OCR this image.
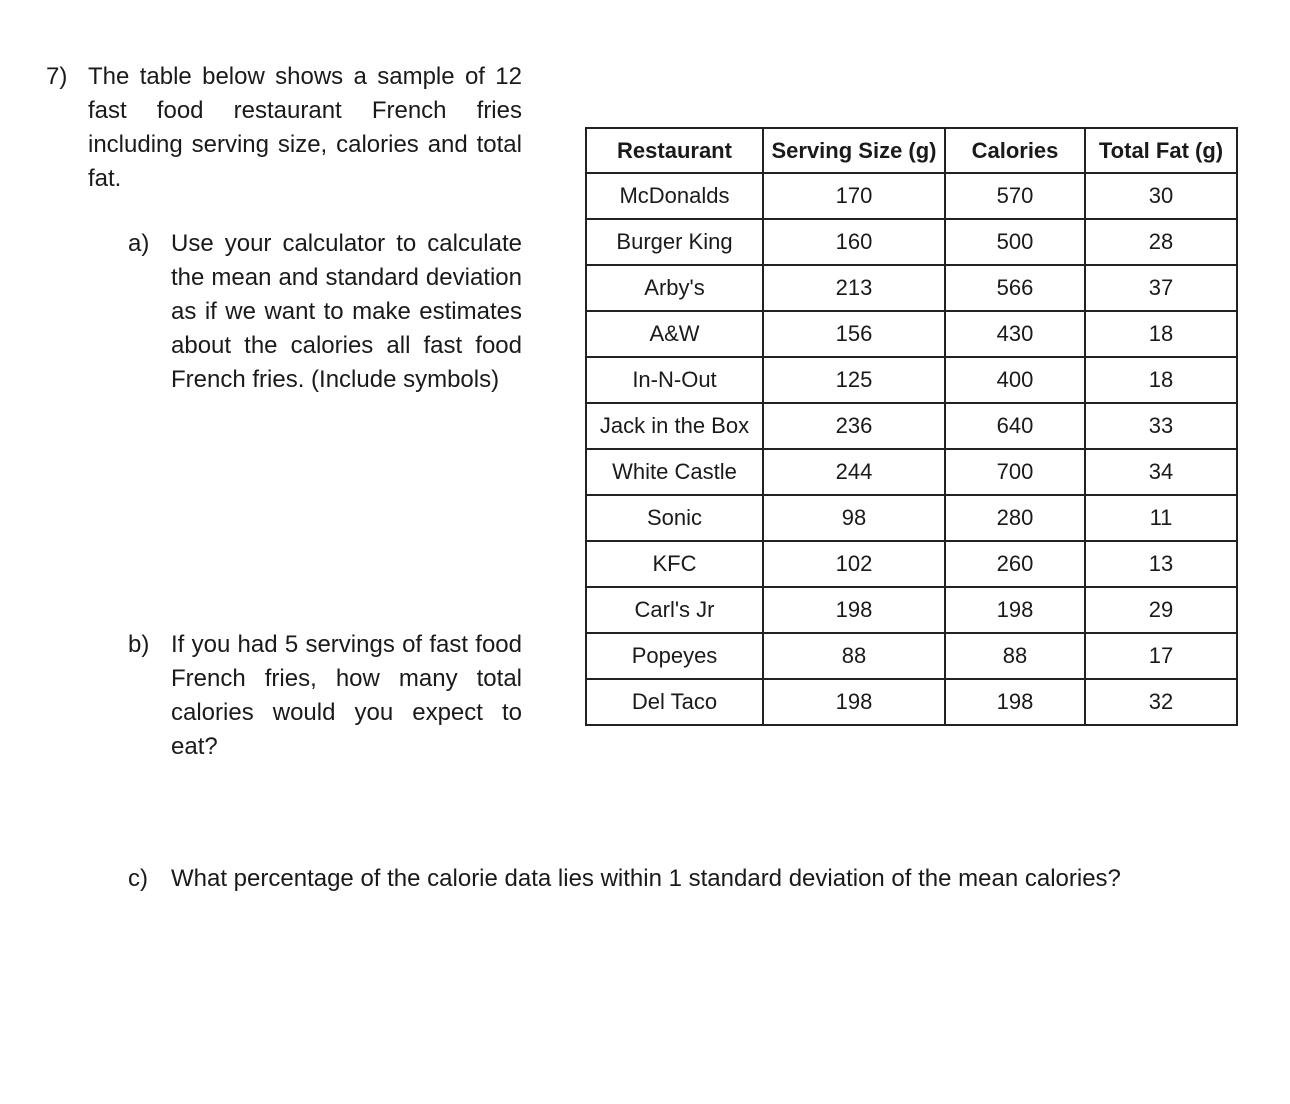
7) The table below shows a sample of 12 fast food restaurant French fries including serving size, calories and total fat.

a) Use your calculator to calculate the mean and standard deviation as if we want to make estimates about the calories all fast food French fries. (Include symbols)

b) If you had 5 servings of fast food French fries, how many total calories would you expect to eat?

c) What percentage of the calorie data lies within 1 standard deviation of the mean calories?

Restaurant	Serving Size (g)	Calories	Total Fat (g)
McDonalds	170	570	30
Burger King	160	500	28
Arby's	213	566	37
A&W	156	430	18
In-N-Out	125	400	18
Jack in the Box	236	640	33
White Castle	244	700	34
Sonic	98	280	11
KFC	102	260	13
Carl's Jr	198	198	29
Popeyes	88	88	17
Del Taco	198	198	32
